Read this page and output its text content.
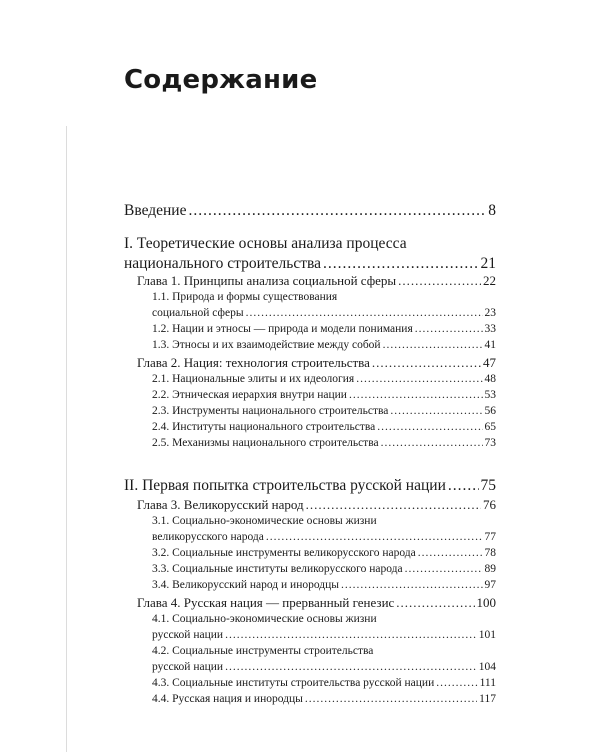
Содержание
Введение .....	8
I. Теоретические основы анализа процесса
национального строительства .....	21
Глава 1. Принципы анализа социальной сферы .....	22
1.1. Природа и формы существования
социальной сферы .....	23
1.2. Нации и этносы — природа и модели понимания .....	33
1.3. Этносы и их взаимодействие между собой .....	41
Глава 2. Нация: технология строительства .....	47
2.1. Национальные элиты и их идеология .....	48
2.2. Этническая иерархия внутри нации .....	53
2.3. Инструменты национального строительства .....	56
2.4. Институты национального строительства .....	65
2.5. Механизмы национального строительства .....	73
II. Первая попытка строительства русской нации ..... 75
Глава 3. Великорусский народ .....	76
3.1. Социально-экономические основы жизни
великорусского народа .....	77
3.2. Социальные инструменты великорусского народа .....	78
3.3. Социальные институты великорусского народа .....	89
3.4. Великорусский народ и инородцы .....	97
Глава 4. Русская нация — прерванный генезис .....	100
4.1. Социально-экономические основы жизни
русской нации .....	101
4.2. Социальные инструменты строительства
русской нации .....	104
4.3. Социальные институты строительства русской нации .....	111
4.4. Русская нация и инородцы .....	117
